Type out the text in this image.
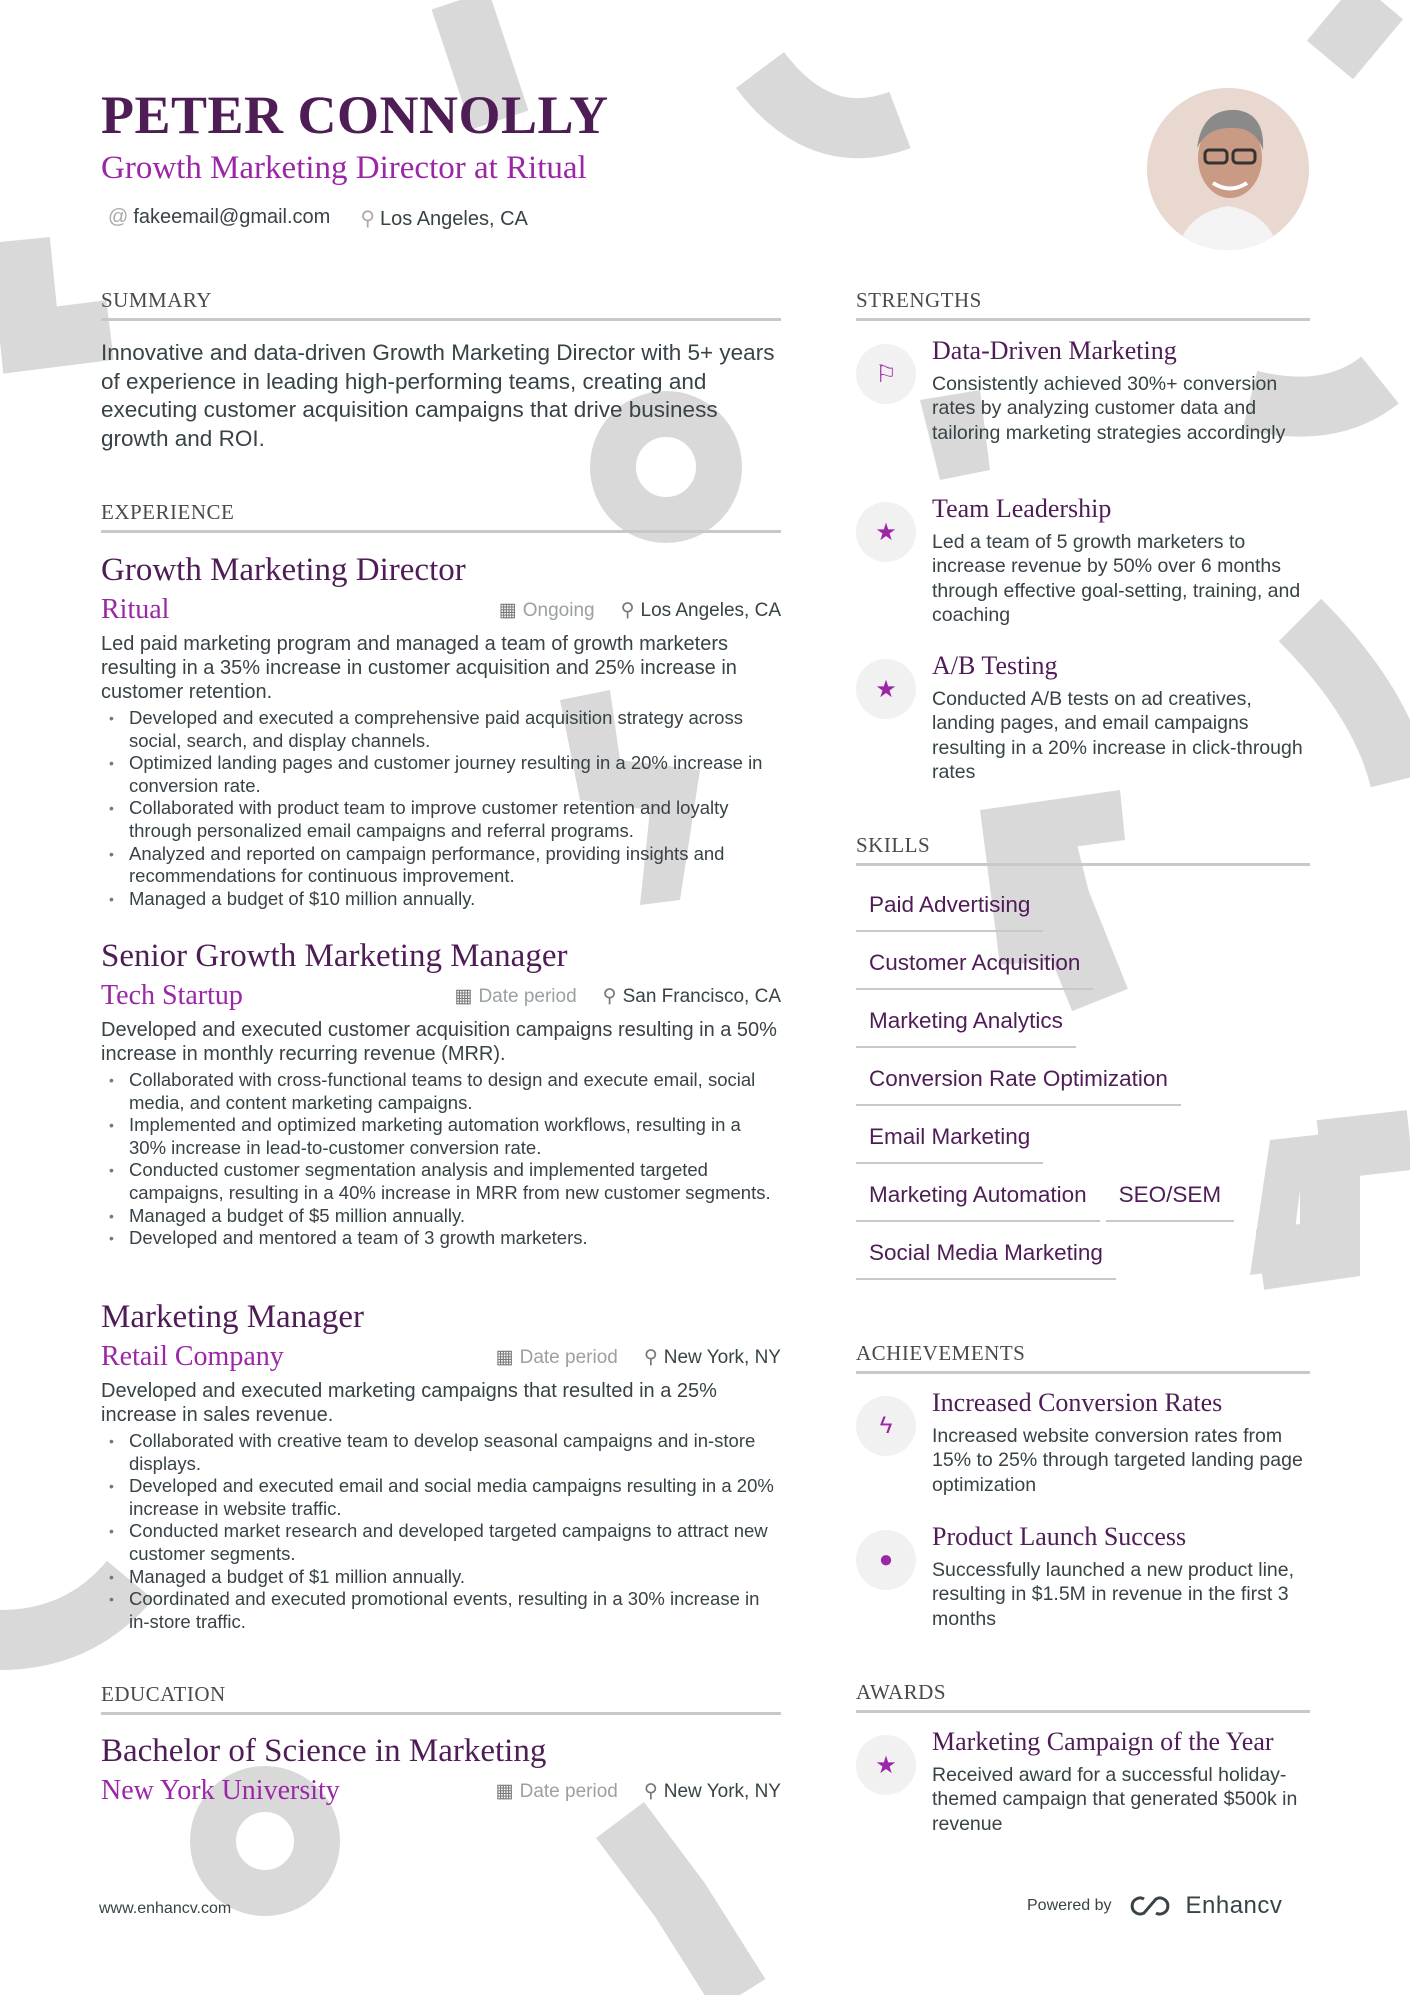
PETER CONNOLLY
Growth Marketing Director at Ritual
@ fakeemail@gmail.com ⚲ Los Angeles, CA
SUMMARY
Innovative and data-driven Growth Marketing Director with 5+ years of experience in leading high-performing teams, creating and executing customer acquisition campaigns that drive business growth and ROI.
EXPERIENCE
Growth Marketing Director
Ritual	▦ Ongoing ⚲ Los Angeles, CA
Led paid marketing program and managed a team of growth marketers resulting in a 35% increase in customer acquisition and 25% increase in customer retention.
• Developed and executed a comprehensive paid acquisition strategy across social, search, and display channels.
• Optimized landing pages and customer journey resulting in a 20% increase in conversion rate.
• Collaborated with product team to improve customer retention and loyalty through personalized email campaigns and referral programs.
• Analyzed and reported on campaign performance, providing insights and recommendations for continuous improvement.
• Managed a budget of $10 million annually.
Senior Growth Marketing Manager
Tech Startup	▦ Date period ⚲ San Francisco, CA
Developed and executed customer acquisition campaigns resulting in a 50% increase in monthly recurring revenue (MRR).
• Collaborated with cross-functional teams to design and execute email, social media, and content marketing campaigns.
• Implemented and optimized marketing automation workflows, resulting in a 30% increase in lead-to-customer conversion rate.
• Conducted customer segmentation analysis and implemented targeted campaigns, resulting in a 40% increase in MRR from new customer segments.
• Managed a budget of $5 million annually.
• Developed and mentored a team of 3 growth marketers.
Marketing Manager
Retail Company	▦ Date period ⚲ New York, NY
Developed and executed marketing campaigns that resulted in a 25% increase in sales revenue.
• Collaborated with creative team to develop seasonal campaigns and in-store displays.
• Developed and executed email and social media campaigns resulting in a 20% increase in website traffic.
• Conducted market research and developed targeted campaigns to attract new customer segments.
• Managed a budget of $1 million annually.
• Coordinated and executed promotional events, resulting in a 30% increase in in-store traffic.
EDUCATION
Bachelor of Science in Marketing
New York University	▦ Date period ⚲ New York, NY
STRENGTHS
⚐
Data-Driven Marketing
Consistently achieved 30%+ conversion rates by analyzing customer data and tailoring marketing strategies accordingly
★
Team Leadership
Led a team of 5 growth marketers to increase revenue by 50% over 6 months through effective goal-setting, training, and coaching
★
A/B Testing
Conducted A/B tests on ad creatives, landing pages, and email campaigns resulting in a 20% increase in click-through rates
SKILLS
Paid Advertising
Customer Acquisition
Marketing Analytics
Conversion Rate Optimization
Email Marketing
Marketing Automation	SEO/SEM
Social Media Marketing
ACHIEVEMENTS
ϟ
Increased Conversion Rates
Increased website conversion rates from 15% to 25% through targeted landing page optimization
●
Product Launch Success
Successfully launched a new product line, resulting in $1.5M in revenue in the first 3 months
AWARDS
★
Marketing Campaign of the Year
Received award for a successful holiday-themed campaign that generated $500k in revenue
www.enhancv.com	Powered by	Enhancv
